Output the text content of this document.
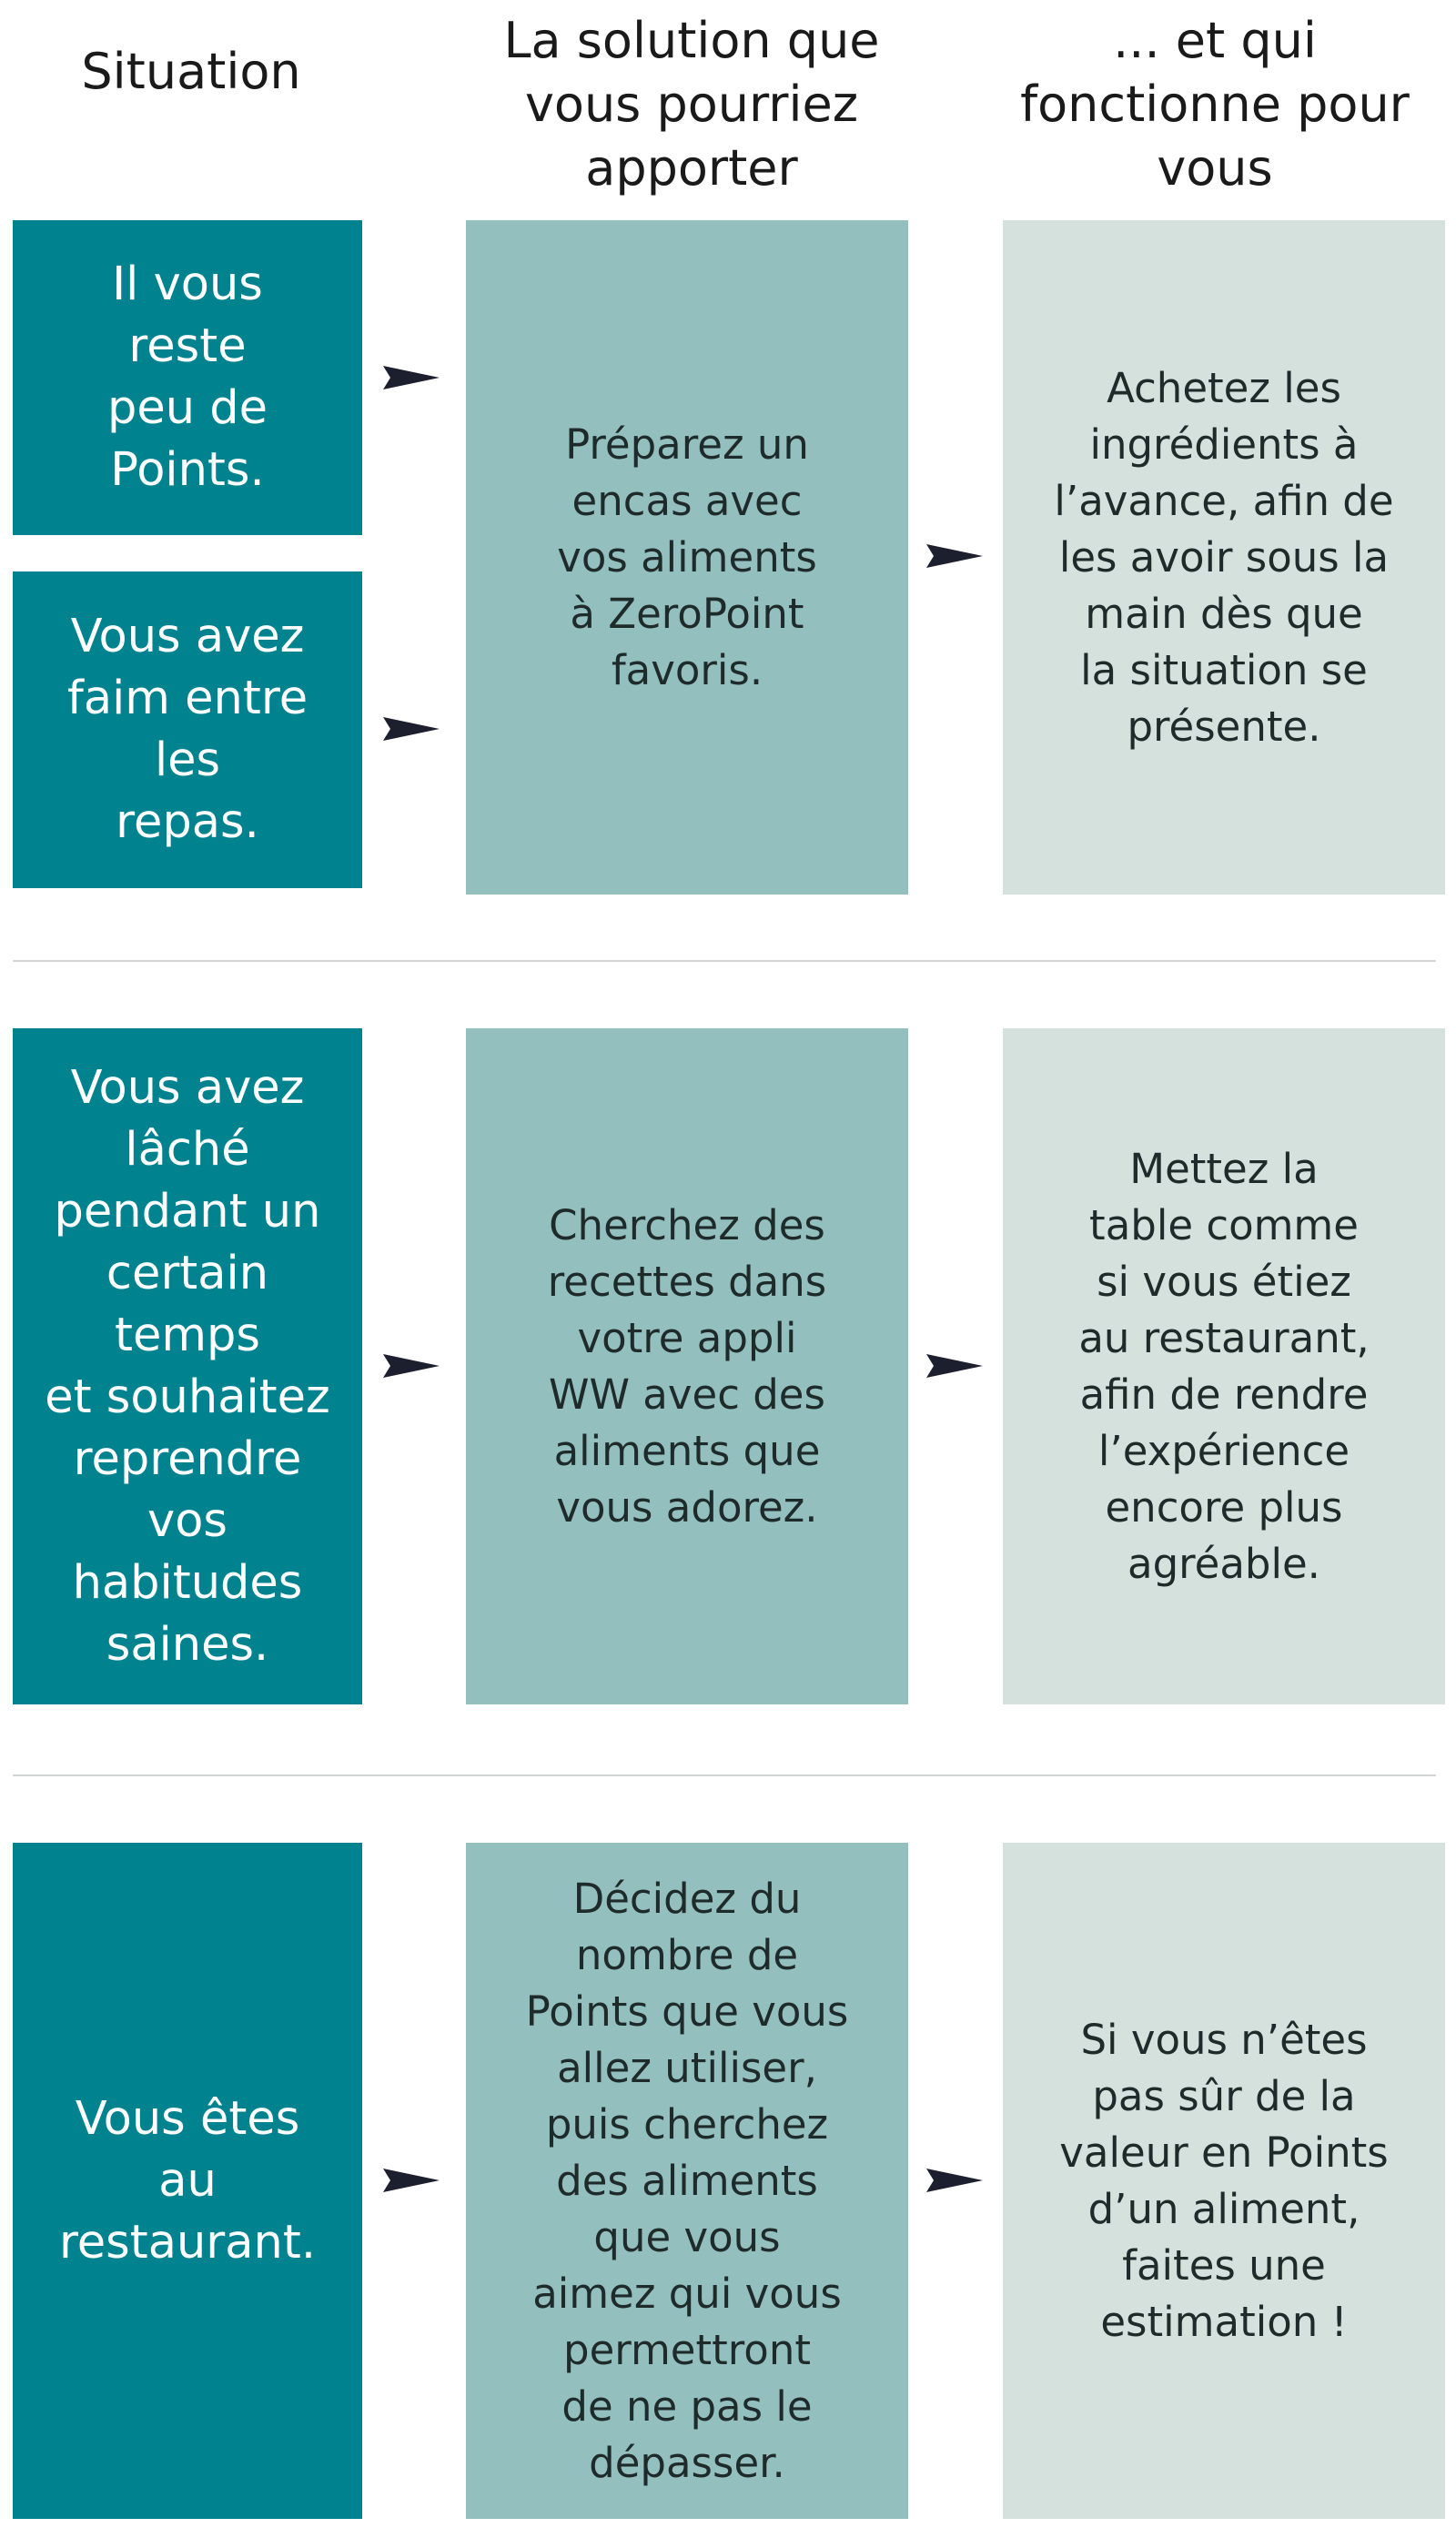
Situation
La solution que
vous pourriez
apporter
... et qui
fonctionne pour
vous
Il vous
reste
peu de
Points.
Vous avez
faim entre les
repas.
Préparez un
encas avec
vos aliments
à ZeroPoint
favoris.
Achetez les
ingrédients à
l’avance, afin de
les avoir sous la
main dès que
la situation se
présente.
Vous avez
lâché
pendant un
certain temps
et souhaitez
reprendre vos
habitudes
saines.
Cherchez des
recettes dans
votre appli
WW avec des
aliments que
vous adorez.
Mettez la
table comme
si vous étiez
au restaurant,
afin de rendre
l’expérience
encore plus
agréable.
Vous êtes
au
restaurant.
Décidez du
nombre de
Points que vous
allez utiliser,
puis cherchez
des aliments
que vous
aimez qui vous
permettront
de ne pas le
dépasser.
Si vous n’êtes
pas sûr de la
valeur en Points
d’un aliment,
faites une
estimation !
